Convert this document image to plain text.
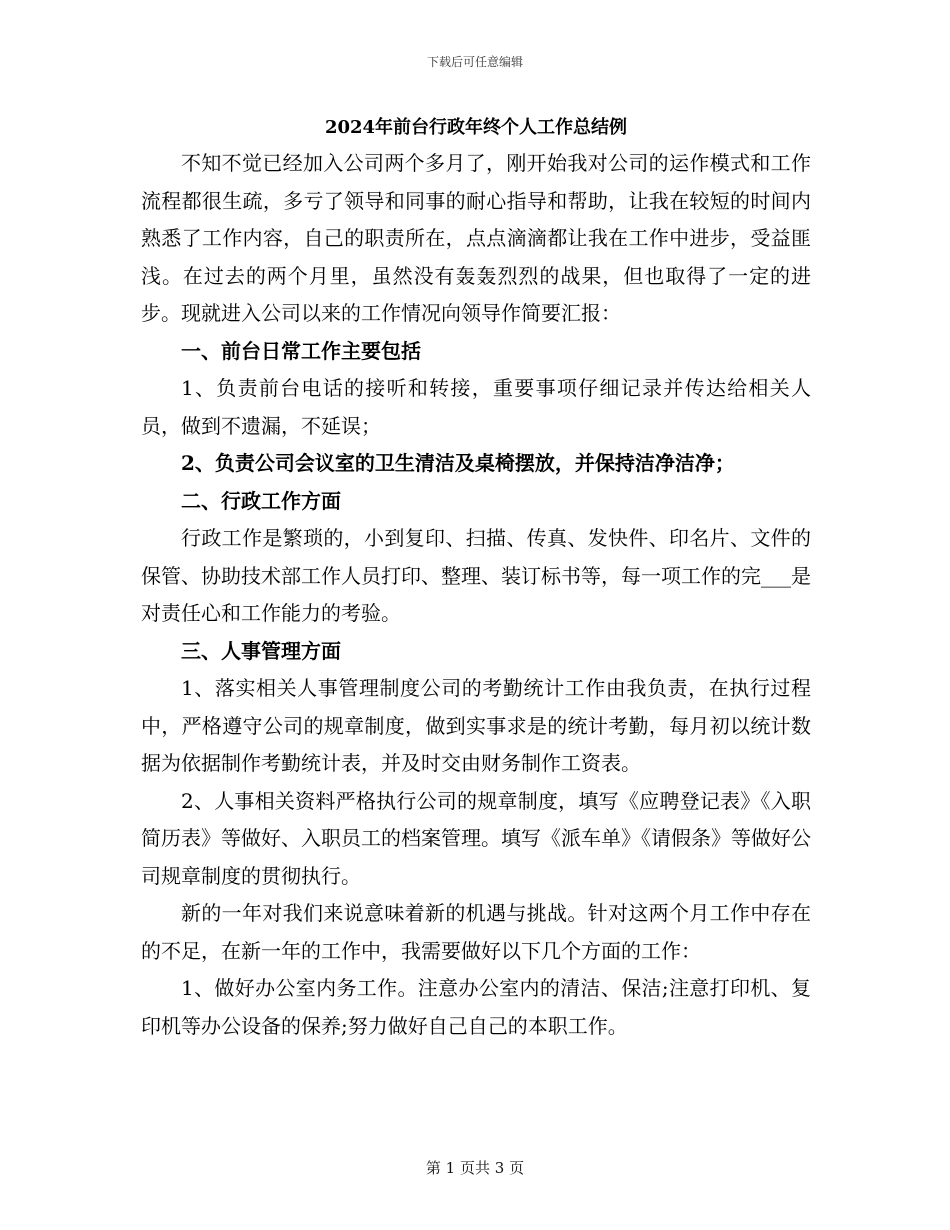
下载后可任意编辑
2024年前台行政年终个人工作总结例

不知不觉已经加入公司两个多月了，刚开始我对公司的运作模式和工作流程都很生疏，多亏了领导和同事的耐心指导和帮助，让我在较短的时间内熟悉了工作内容，自己的职责所在，点点滴滴都让我在工作中进步，受益匪浅。在过去的两个月里，虽然没有轰轰烈烈的战果，但也取得了一定的进步。现就进入公司以来的工作情况向领导作简要汇报：

一、前台日常工作主要包括

1、负责前台电话的接听和转接，重要事项仔细记录并传达给相关人员，做到不遗漏，不延误；

2、负责公司会议室的卫生清洁及桌椅摆放，并保持洁净洁净；

二、行政工作方面

行政工作是繁琐的，小到复印、扫描、传真、发快件、印名片、文件的保管、协助技术部工作人员打印、整理、装订标书等，每一项工作的完___是对责任心和工作能力的考验。

三、人事管理方面

1、落实相关人事管理制度公司的考勤统计工作由我负责，在执行过程中，严格遵守公司的规章制度，做到实事求是的统计考勤，每月初以统计数据为依据制作考勤统计表，并及时交由财务制作工资表。

2、人事相关资料严格执行公司的规章制度，填写《应聘登记表》《入职简历表》等做好、入职员工的档案管理。填写《派车单》《请假条》等做好公司规章制度的贯彻执行。

新的一年对我们来说意味着新的机遇与挑战。针对这两个月工作中存在的不足，在新一年的工作中，我需要做好以下几个方面的工作：

1、做好办公室内务工作。注意办公室内的清洁、保洁;注意打印机、复印机等办公设备的保养;努力做好自己自己的本职工作。

第 1 页共 3 页
